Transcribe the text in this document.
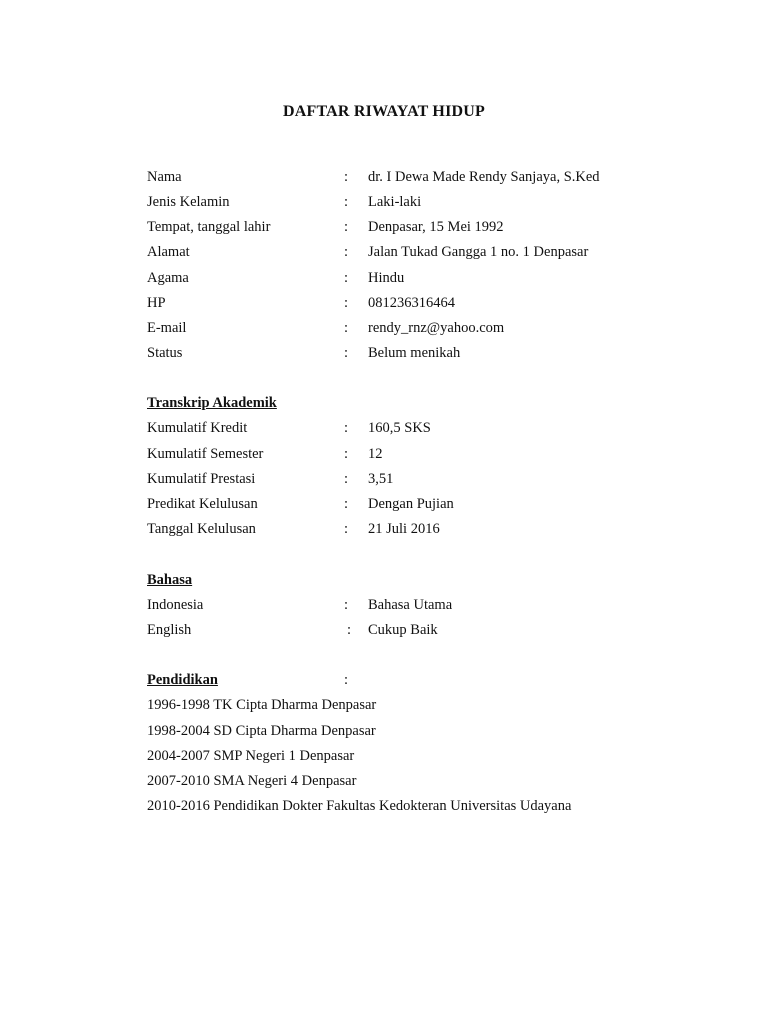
DAFTAR RIWAYAT HIDUP
Nama	: dr. I Dewa Made Rendy Sanjaya, S.Ked
Jenis Kelamin	: Laki-laki
Tempat, tanggal lahir	: Denpasar, 15 Mei 1992
Alamat	: Jalan Tukad Gangga 1 no. 1 Denpasar
Agama	: Hindu
HP	: 081236316464
E-mail	: rendy_rnz@yahoo.com
Status	: Belum menikah
Transkrip Akademik
Kumulatif Kredit	: 160,5 SKS
Kumulatif Semester	: 12
Kumulatif Prestasi	: 3,51
Predikat Kelulusan	: Dengan Pujian
Tanggal Kelulusan	: 21 Juli 2016
Bahasa
Indonesia	: Bahasa Utama
English	: Cukup Baik
Pendidikan	:
1996-1998 TK Cipta Dharma Denpasar
1998-2004 SD Cipta Dharma Denpasar
2004-2007 SMP Negeri 1 Denpasar
2007-2010 SMA Negeri 4 Denpasar
2010-2016 Pendidikan Dokter Fakultas Kedokteran Universitas Udayana
